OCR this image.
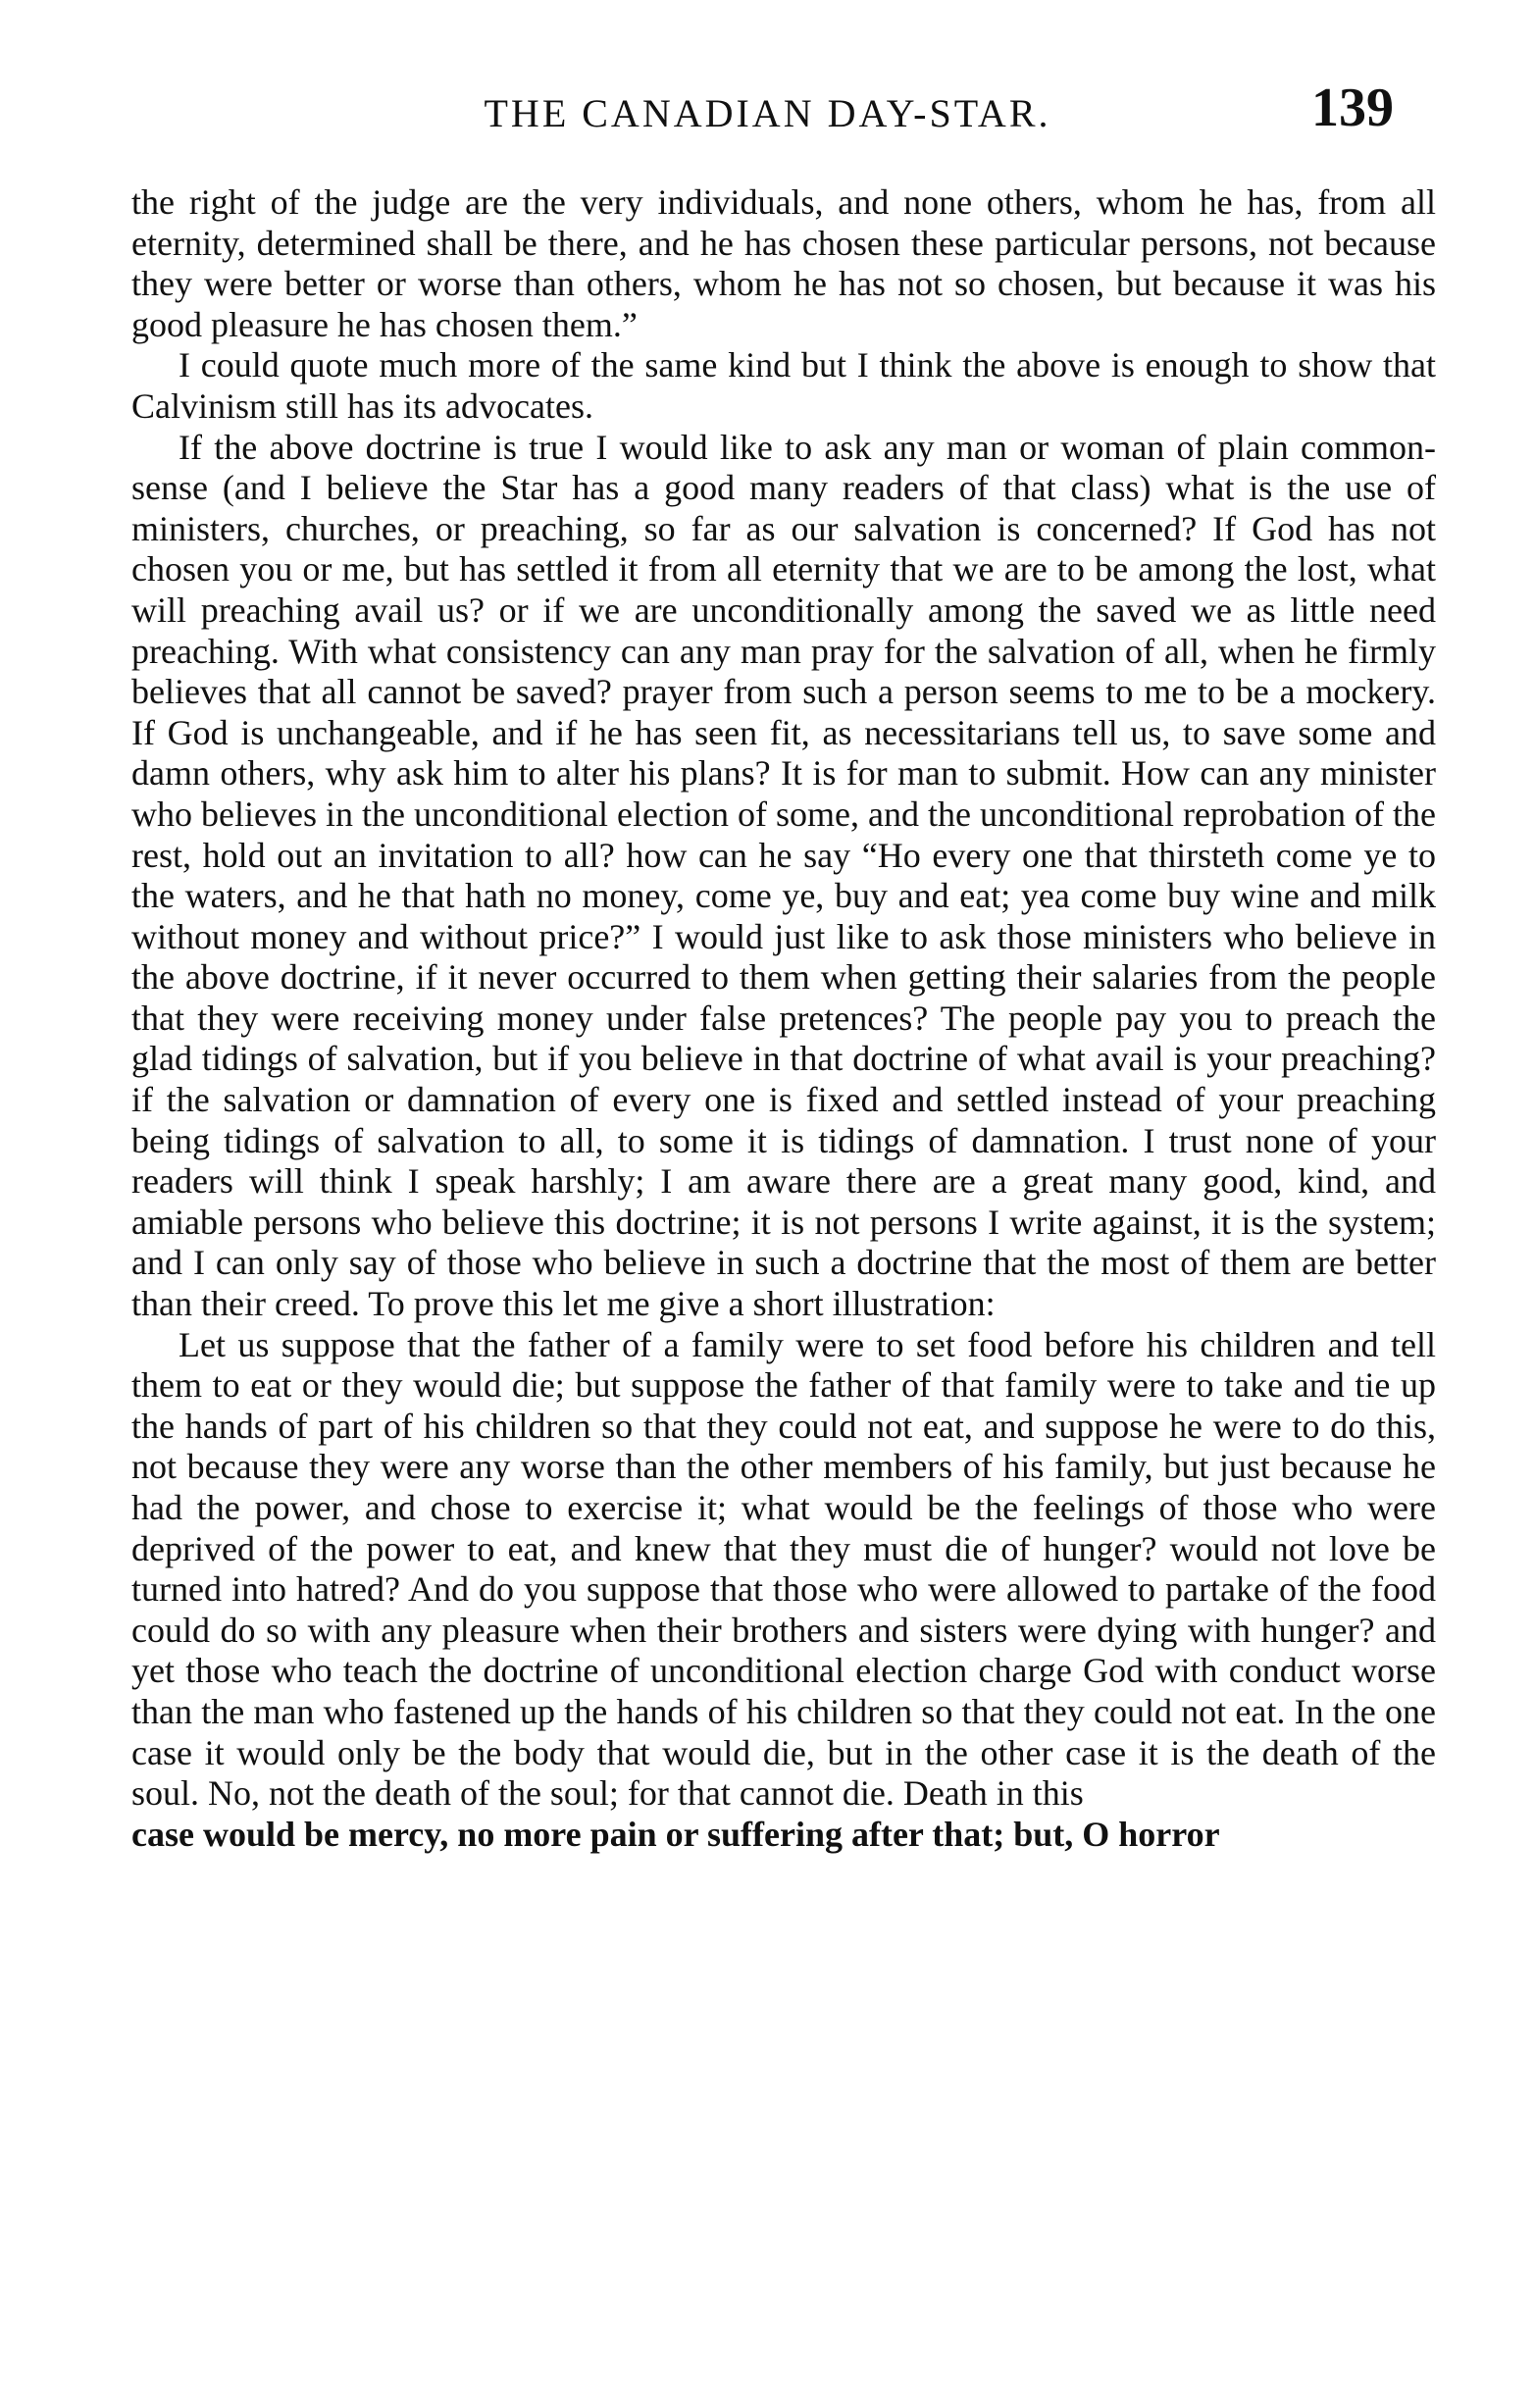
THE CANADIAN DAY-STAR.	139

the right of the judge are the very individuals, and none others, whom he has, from all eternity, determined shall be there, and he has chosen these particular persons, not because they were better or worse than others, whom he has not so chosen, but because it was his good pleasure he has chosen them.”

I could quote much more of the same kind but I think the above is enough to show that Calvinism still has its advocates.

If the above doctrine is true I would like to ask any man or woman of plain common-sense (and I believe the Star has a good many readers of that class) what is the use of ministers, churches, or preaching, so far as our salvation is concerned? If God has not chosen you or me, but has settled it from all eternity that we are to be among the lost, what will preaching avail us? or if we are unconditionally among the saved we as little need preaching. With what consistency can any man pray for the salvation of all, when he firmly believes that all cannot be saved? prayer from such a person seems to me to be a mockery. If God is unchangeable, and if he has seen fit, as necessitarians tell us, to save some and damn others, why ask him to alter his plans? It is for man to submit. How can any minister who believes in the unconditional election of some, and the unconditional reprobation of the rest, hold out an invitation to all? how can he say “Ho every one that thirsteth come ye to the waters, and he that hath no money, come ye, buy and eat; yea come buy wine and milk without money and without price?” I would just like to ask those ministers who believe in the above doctrine, if it never occurred to them when getting their salaries from the people that they were receiving money under false pretences? The people pay you to preach the glad tidings of salvation, but if you believe in that doctrine of what avail is your preaching? if the salvation or damnation of every one is fixed and settled instead of your preaching being tidings of salvation to all, to some it is tidings of damnation. I trust none of your readers will think I speak harshly; I am aware there are a great many good, kind, and amiable persons who believe this doctrine; it is not persons I write against, it is the system; and I can only say of those who believe in such a doctrine that the most of them are better than their creed. To prove this let me give a short illustration:

Let us suppose that the father of a family were to set food before his children and tell them to eat or they would die; but suppose the father of that family were to take and tie up the hands of part of his children so that they could not eat, and suppose he were to do this, not because they were any worse than the other members of his family, but just because he had the power, and chose to exercise it; what would be the feelings of those who were deprived of the power to eat, and knew that they must die of hunger? would not love be turned into hatred? And do you suppose that those who were allowed to partake of the food could do so with any pleasure when their brothers and sisters were dying with hunger? and yet those who teach the doctrine of unconditional election charge God with conduct worse than the man who fastened up the hands of his children so that they could not eat. In the one case it would only be the body that would die, but in the other case it is the death of the soul. No, not the death of the soul; for that cannot die. Death in this

case would be mercy, no more pain or suffering after that; but, O horror
